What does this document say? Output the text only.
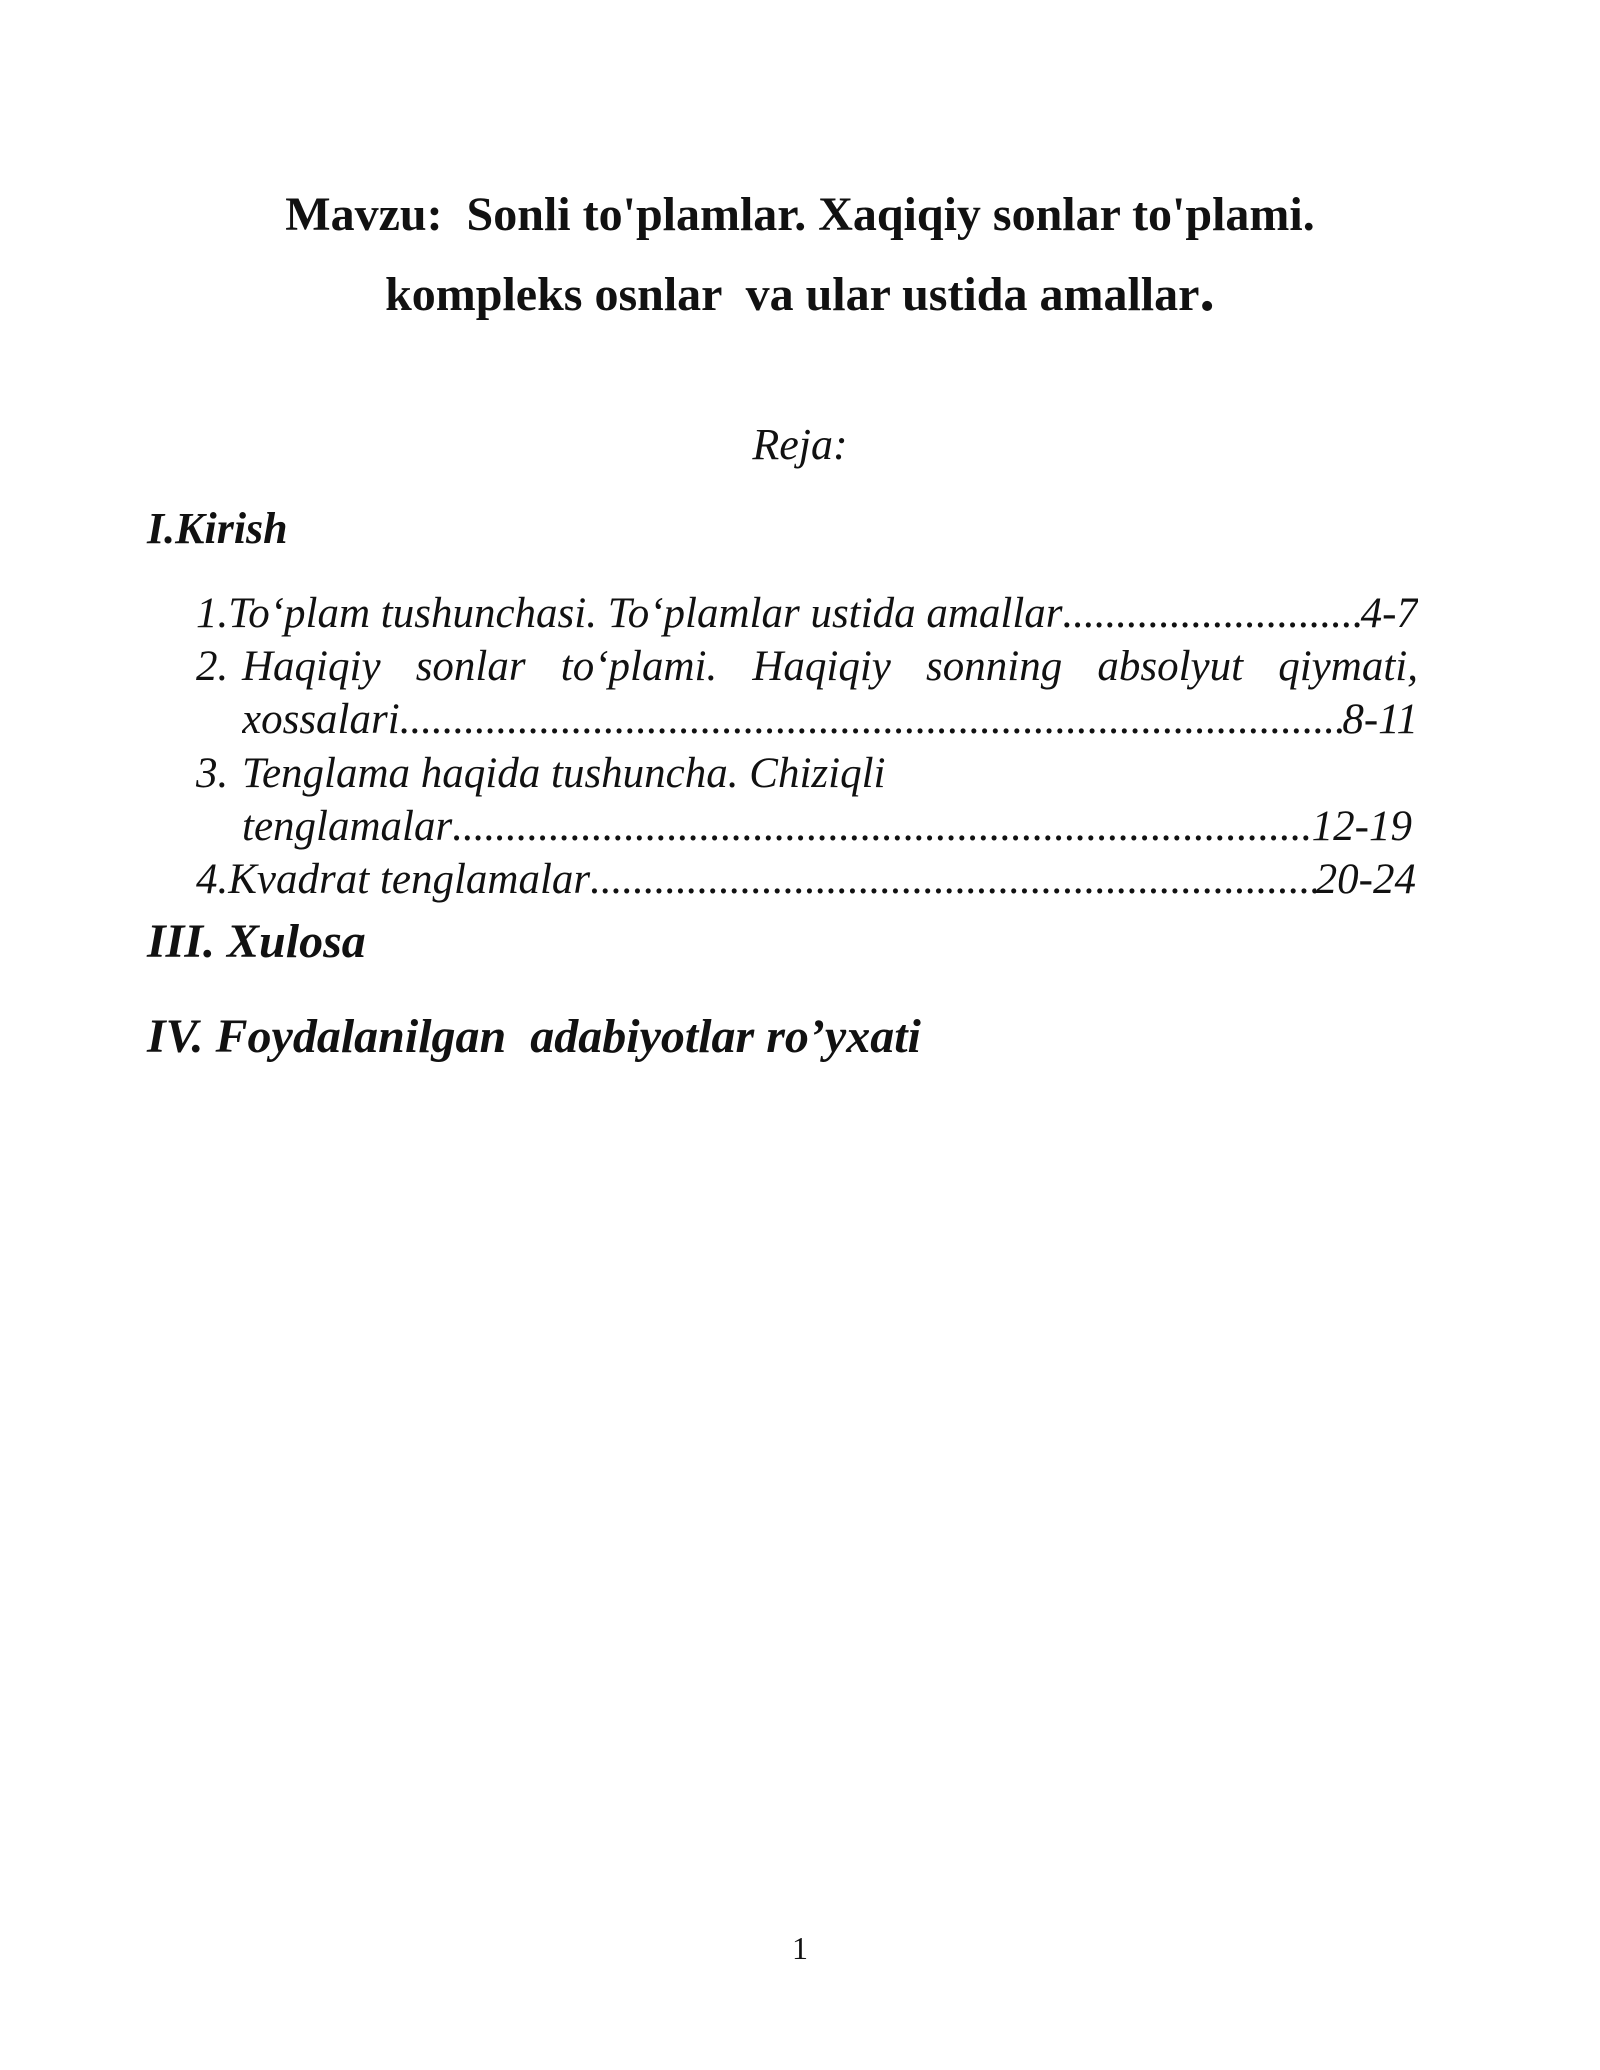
Mavzu:  Sonli to'plamlar. Xaqiqiy sonlar to'plami.
kompleks osnlar  va ular ustida amallar.
Reja:
I.Kirish
1. To‘plam tushunchasi. To‘plamlar ustida amallar .....	4-7
2. Haqiqiy sonlar to‘plami. Haqiqiy sonning absolyut qiymati,
xossalari .....	8-11
3. Tenglama haqida tushuncha. Chiziqli
tenglamalar .....	12-19
4. Kvadrat tenglamalar .....	20-24
III. Xulosa
IV. Foydalanilgan  adabiyotlar ro’yxati
1
